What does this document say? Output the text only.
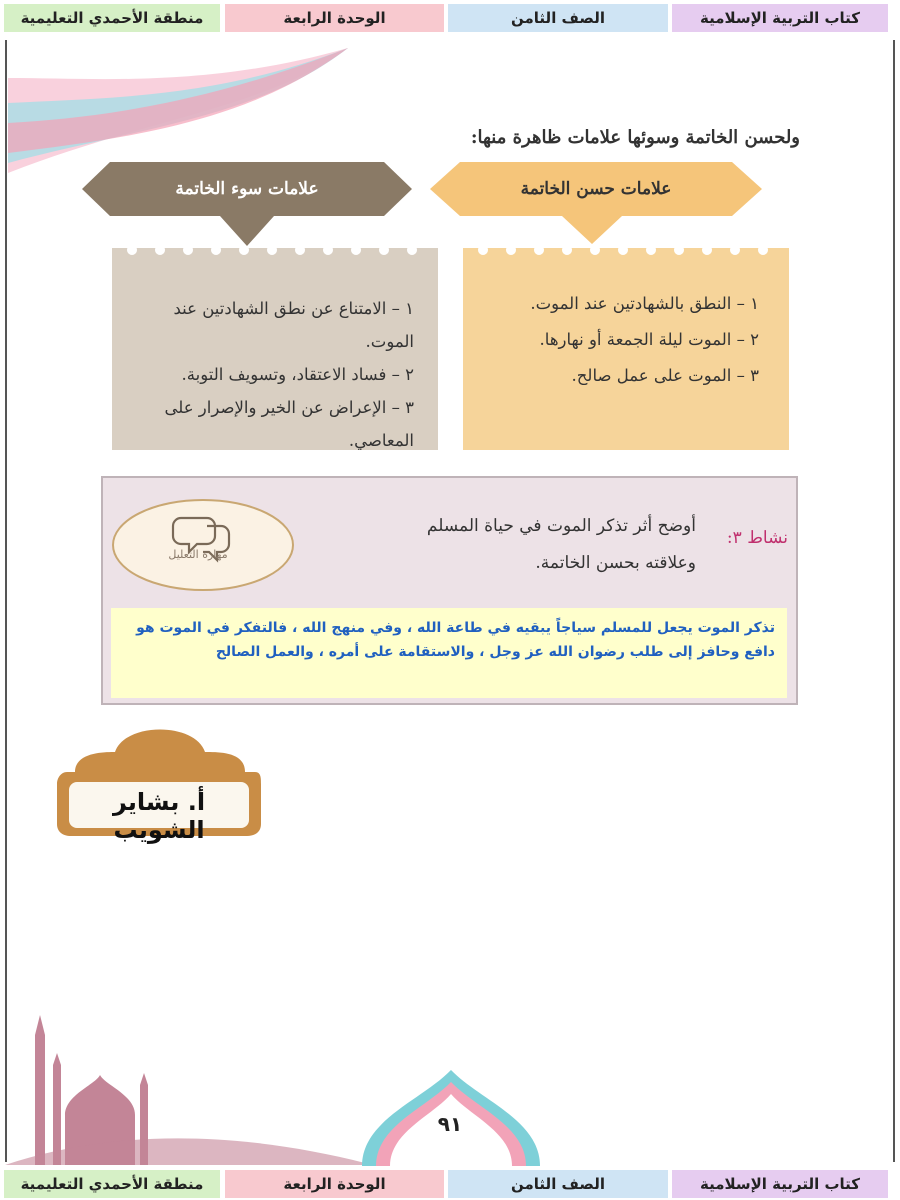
كتاب التربية الإسلامية
الصف الثامن
الوحدة الرابعة
منطقة الأحمدي التعليمية
ولحسن الخاتمة وسوئها علامات ظاهرة منها:
علامات حسن الخاتمة
علامات سوء الخاتمة
١ – النطق بالشهادتين عند الموت.
٢ – الموت ليلة الجمعة أو نهارها.
٣ – الموت على عمل صالح.
١ – الامتناع عن نطق الشهادتين عند الموت.
٢ – فساد الاعتقاد، وتسويف التوبة.
٣ – الإعراض عن الخير والإصرار على المعاصي.
نشاط ٣:
أوضح أثر تذكر الموت في حياة المسلم وعلاقته بحسن الخاتمة.
مهارة التعليل
تذكر الموت يجعل للمسلم سياجاً يبقيه في طاعة الله ، وفي منهج الله ، فالتفكر في الموت هو دافع وحافز إلى طلب رضوان الله عز وجل ، والاستقامة على أمره ، والعمل الصالح
أ. بشاير الشويب
٩١
كتاب التربية الإسلامية
الصف الثامن
الوحدة الرابعة
منطقة الأحمدي التعليمية
